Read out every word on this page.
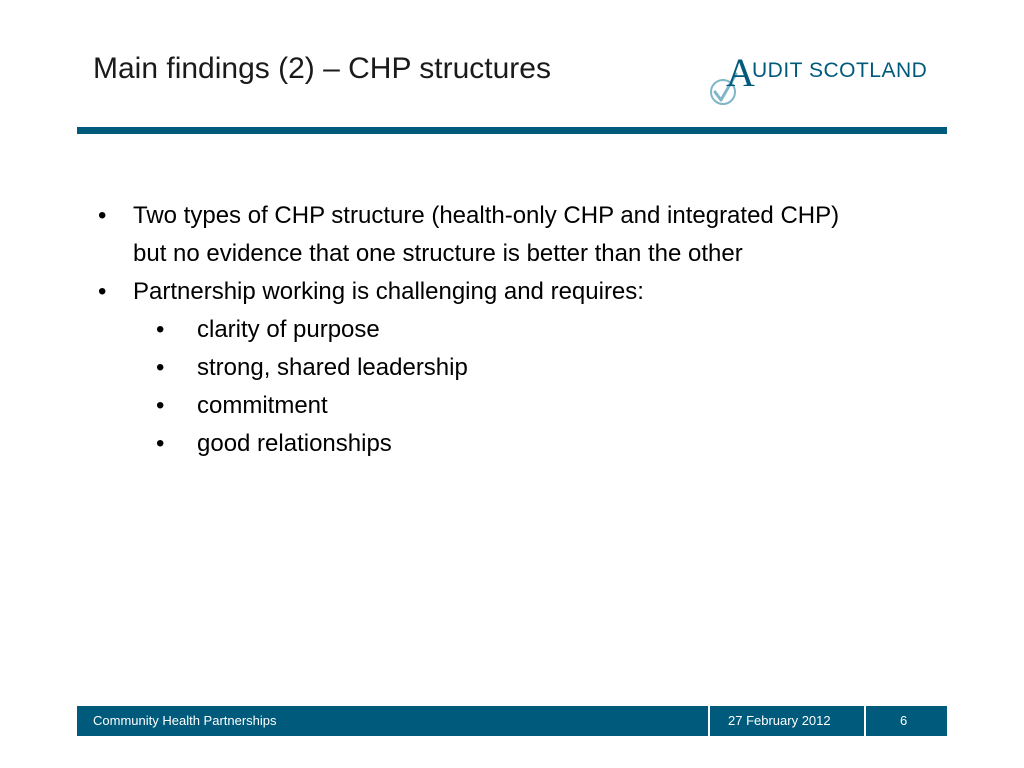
Main findings (2) – CHP structures	A
UDIT SCOTLAND
• Two types of CHP structure (health-only CHP and integrated CHP) but no evidence that one structure is better than the other
• Partnership working is challenging and requires:
• clarity of purpose
• strong, shared leadership
• commitment
• good relationships
Community Health Partnerships	27 February 2012	6
